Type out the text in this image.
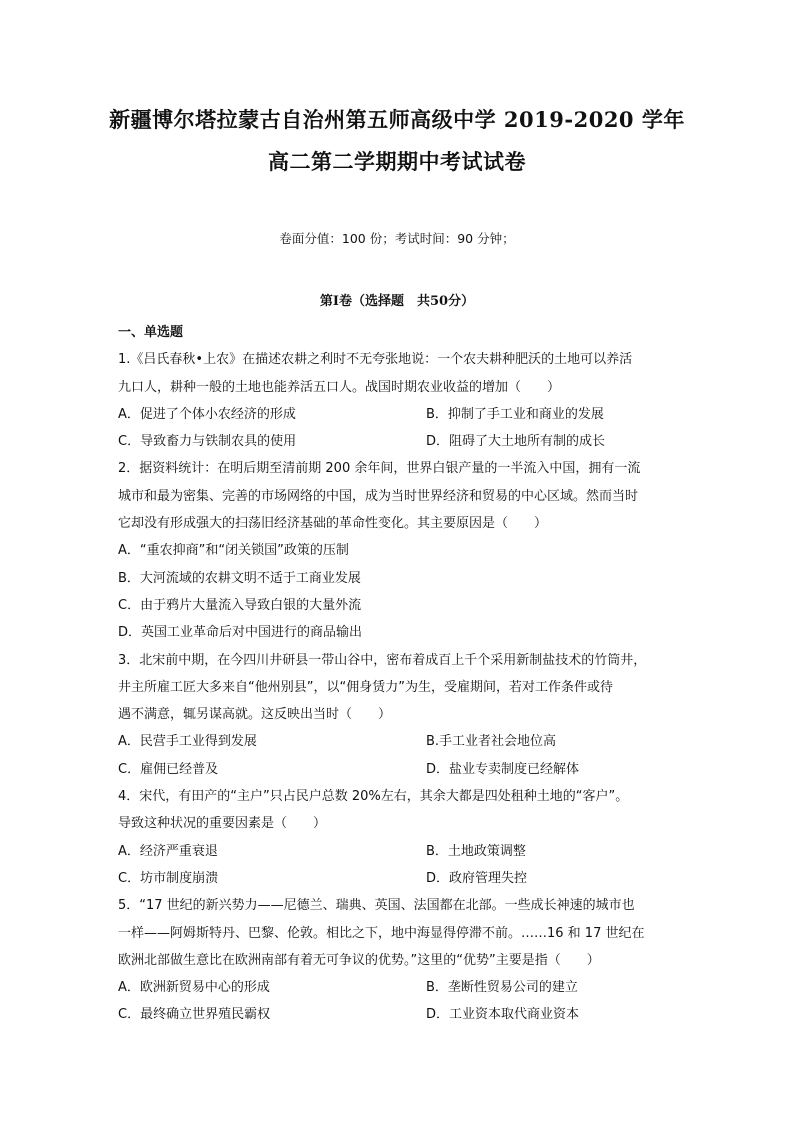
新疆博尔塔拉蒙古自治州第五师高级中学 2019-2020 学年
高二第二学期期中考试试卷
卷面分值：100 份；考试时间：90 分钟；
第Ⅰ卷（选择题　共50分）
一、单选题
1.《吕氏春秋•上农》在描述农耕之利时不无夸张地说：一个农夫耕种肥沃的土地可以养活
九口人，耕种一般的土地也能养活五口人。战国时期农业收益的增加（　　）
A．促进了个体小农经济的形成	B．抑制了手工业和商业的发展
C．导致畜力与铁制农具的使用	D．阻碍了大土地所有制的成长
2．据资料统计：在明后期至清前期 200 余年间，世界白银产量的一半流入中国，拥有一流
城市和最为密集、完善的市场网络的中国，成为当时世界经济和贸易的中心区域。然而当时
它却没有形成强大的扫荡旧经济基础的革命性变化。其主要原因是（　　）
A．“重农抑商”和“闭关锁国”政策的压制
B．大河流域的农耕文明不适于工商业发展
C．由于鸦片大量流入导致白银的大量外流
D．英国工业革命后对中国进行的商品输出
3．北宋前中期，在今四川井研县一带山谷中，密布着成百上千个采用新制盐技术的竹筒井，
井主所雇工匠大多来自“他州别县”，以“佣身赁力”为生，受雇期间，若对工作条件或待
遇不满意，辄另谋高就。这反映出当时（　　）
A．民营手工业得到发展	B.手工业者社会地位高
C．雇佣已经普及	D．盐业专卖制度已经解体
4．宋代，有田产的“主户”只占民户总数 20%左右，其余大都是四处租种土地的“客户”。
导致这种状况的重要因素是（　　）
A．经济严重衰退	B．土地政策调整
C．坊市制度崩溃	D．政府管理失控
5．“17 世纪的新兴势力——尼德兰、瑞典、英国、法国都在北部。一些成长神速的城市也
一样——阿姆斯特丹、巴黎、伦敦。相比之下，地中海显得停滞不前。……16 和 17 世纪在
欧洲北部做生意比在欧洲南部有着无可争议的优势。”这里的“优势”主要是指（　　）
A．欧洲新贸易中心的形成	B．垄断性贸易公司的建立
C．最终确立世界殖民霸权	D．工业资本取代商业资本
